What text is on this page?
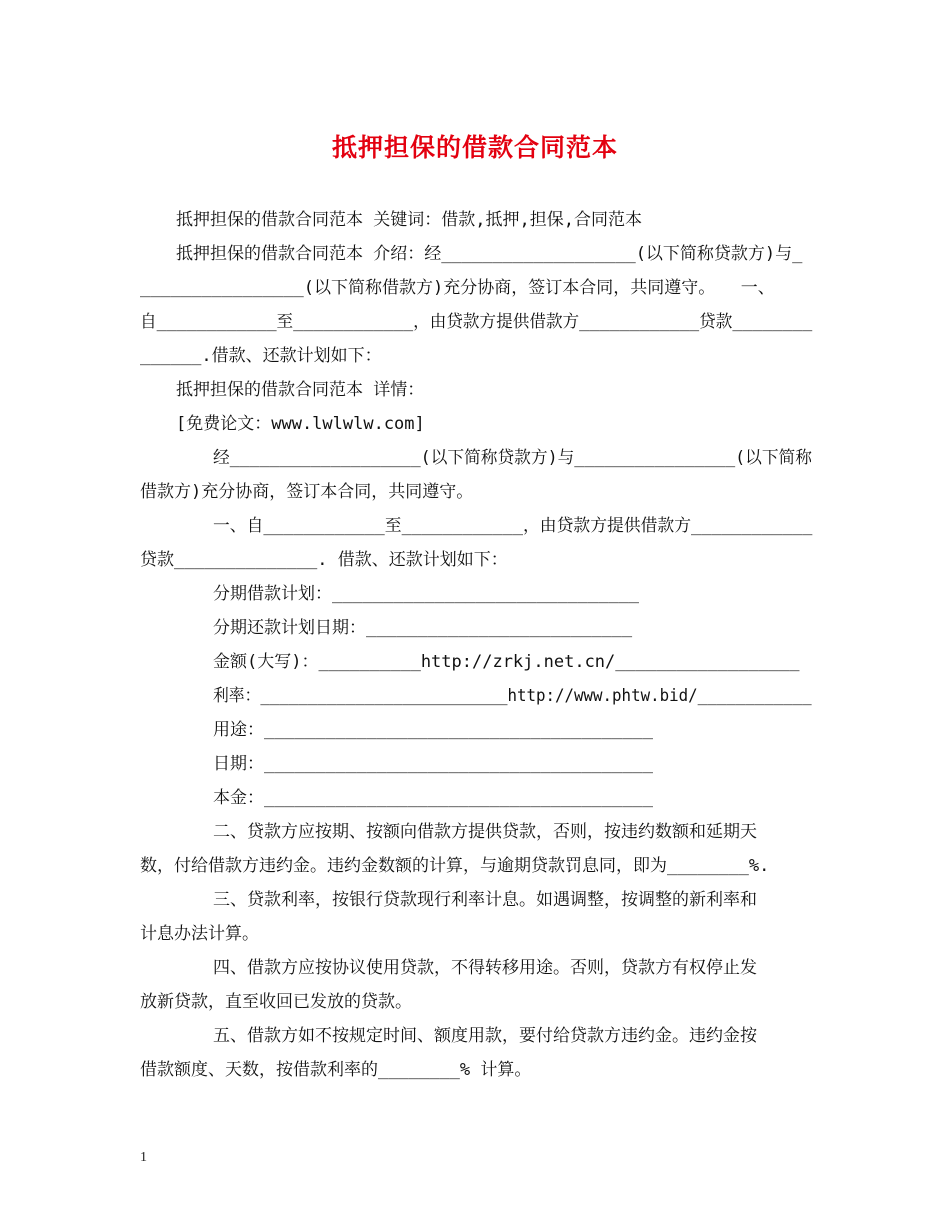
抵押担保的借款合同范本
抵押担保的借款合同范本 关键词：借款,抵押,担保,合同范本
抵押担保的借款合同范本 介绍：经___________________(以下简称贷款方)与_
________________(以下简称借款方)充分协商，签订本合同，共同遵守。　　一、
自____________至____________，由贷款方提供借款方____________贷款________
______.借款、还款计划如下：
抵押担保的借款合同范本 详情：
[免费论文：www.lwlwlw.com]
经___________________(以下简称贷款方)与________________(以下简称
借款方)充分协商，签订本合同，共同遵守。
一、自____________至____________，由贷款方提供借款方____________
贷款______________. 借款、还款计划如下：
分期借款计划：______________________________
分期还款计划日期：__________________________
金额(大写)：__________http://zrkj.net.cn/__________________
利率：__________________________http://www.phtw.bid/____________
用途：______________________________________
日期：______________________________________
本金：______________________________________
二、贷款方应按期、按额向借款方提供贷款，否则，按违约数额和延期天
数，付给借款方违约金。违约金数额的计算，与逾期贷款罚息同，即为________%.
三、贷款利率，按银行贷款现行利率计息。如遇调整，按调整的新利率和
计息办法计算。
四、借款方应按协议使用贷款，不得转移用途。否则，贷款方有权停止发
放新贷款，直至收回已发放的贷款。
五、借款方如不按规定时间、额度用款，要付给贷款方违约金。违约金按
借款额度、天数，按借款利率的________% 计算。
1
